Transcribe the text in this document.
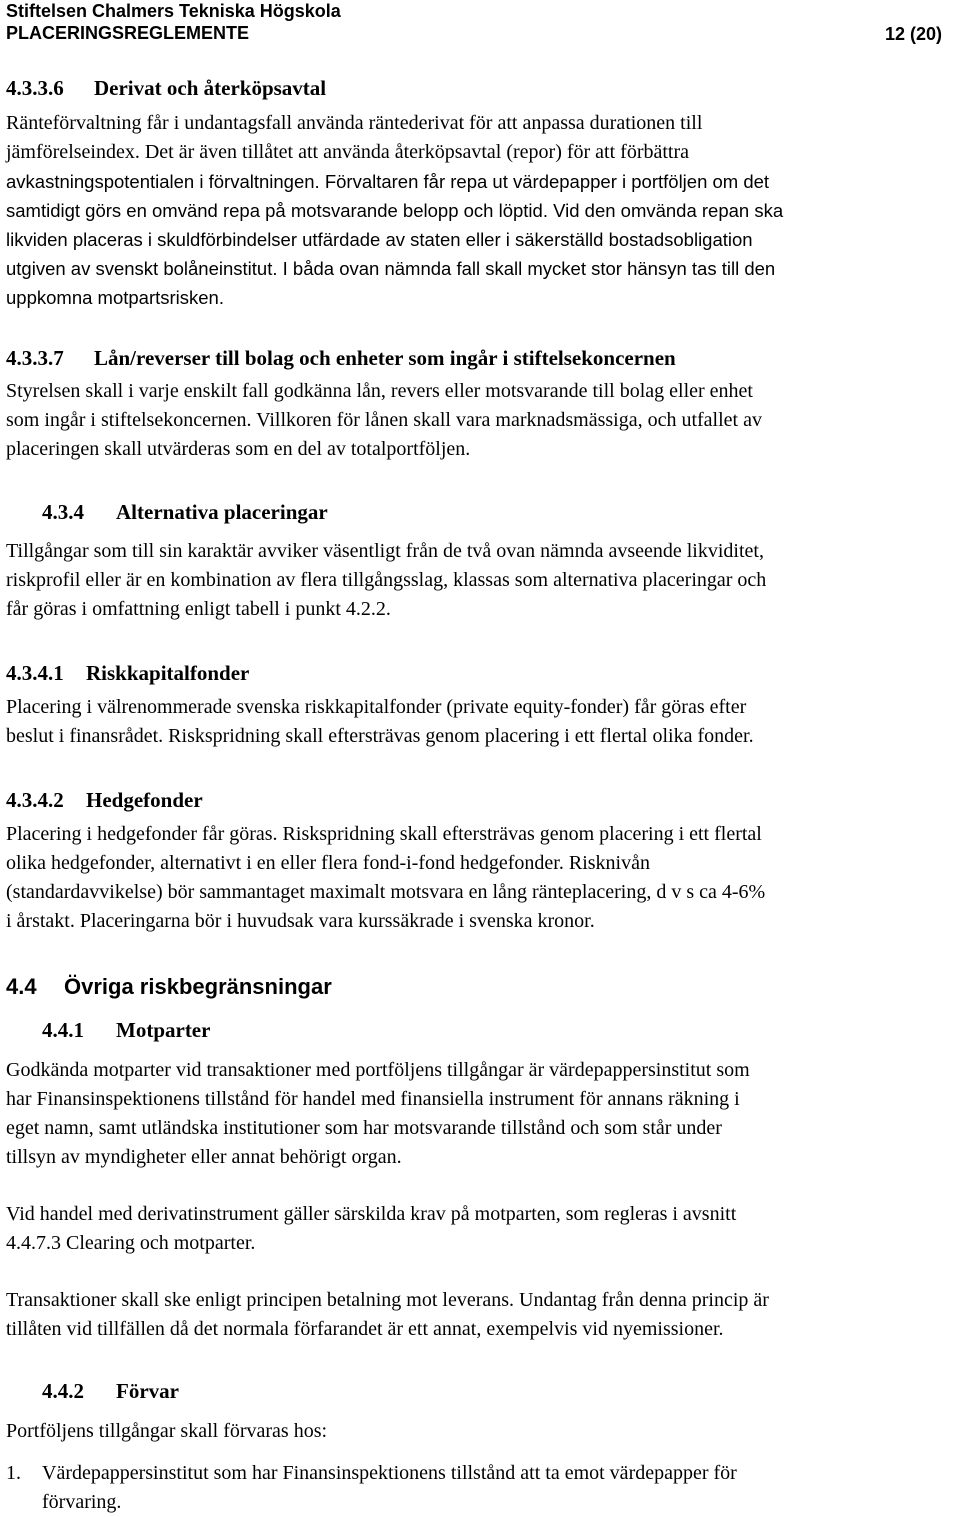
Stiftelsen Chalmers Tekniska Högskola
PLACERINGSREGLEMENTE	12 (20)
4.3.3.6 Derivat och återköpsavtal
Ränteförvaltning får i undantagsfall använda räntederivat för att anpassa durationen till
jämförelseindex. Det är även tillåtet att använda återköpsavtal (repor) för att förbättra
avkastningspotentialen i förvaltningen. Förvaltaren får repa ut värdepapper i portföljen om det
samtidigt görs en omvänd repa på motsvarande belopp och löptid. Vid den omvända repan ska
likviden placeras i skuldförbindelser utfärdade av staten eller i säkerställd bostadsobligation
utgiven av svenskt bolåneinstitut. I båda ovan nämnda fall skall mycket stor hänsyn tas till den
uppkomna motpartsrisken.
4.3.3.7 Lån/reverser till bolag och enheter som ingår i stiftelsekoncernen
Styrelsen skall i varje enskilt fall godkänna lån, revers eller motsvarande till bolag eller enhet
som ingår i stiftelsekoncernen. Villkoren för lånen skall vara marknadsmässiga, och utfallet av
placeringen skall utvärderas som en del av totalportföljen.
4.3.4 Alternativa placeringar
Tillgångar som till sin karaktär avviker väsentligt från de två ovan nämnda avseende likviditet,
riskprofil eller är en kombination av flera tillgångsslag, klassas som alternativa placeringar och
får göras i omfattning enligt tabell i punkt 4.2.2.
4.3.4.1 Riskkapitalfonder
Placering i välrenommerade svenska riskkapitalfonder (private equity-fonder) får göras efter
beslut i finansrådet. Riskspridning skall eftersträvas genom placering i ett flertal olika fonder.
4.3.4.2 Hedgefonder
Placering i hedgefonder får göras. Riskspridning skall eftersträvas genom placering i ett flertal
olika hedgefonder, alternativt i en eller flera fond-i-fond hedgefonder. Risknivån
(standardavvikelse) bör sammantaget maximalt motsvara en lång ränteplacering, d v s ca 4-6%
i årstakt. Placeringarna bör i huvudsak vara kurssäkrade i svenska kronor.
4.4 Övriga riskbegränsningar
4.4.1 Motparter
Godkända motparter vid transaktioner med portföljens tillgångar är värdepappersinstitut som
har Finansinspektionens tillstånd för handel med finansiella instrument för annans räkning i
eget namn, samt utländska institutioner som har motsvarande tillstånd och som står under
tillsyn av myndigheter eller annat behörigt organ.
Vid handel med derivatinstrument gäller särskilda krav på motparten, som regleras i avsnitt
4.4.7.3 Clearing och motparter.
Transaktioner skall ske enligt principen betalning mot leverans. Undantag från denna princip är
tillåten vid tillfällen då det normala förfarandet är ett annat, exempelvis vid nyemissioner.
4.4.2 Förvar
Portföljens tillgångar skall förvaras hos:
1. Värdepappersinstitut som har Finansinspektionens tillstånd att ta emot värdepapper för
förvaring.
